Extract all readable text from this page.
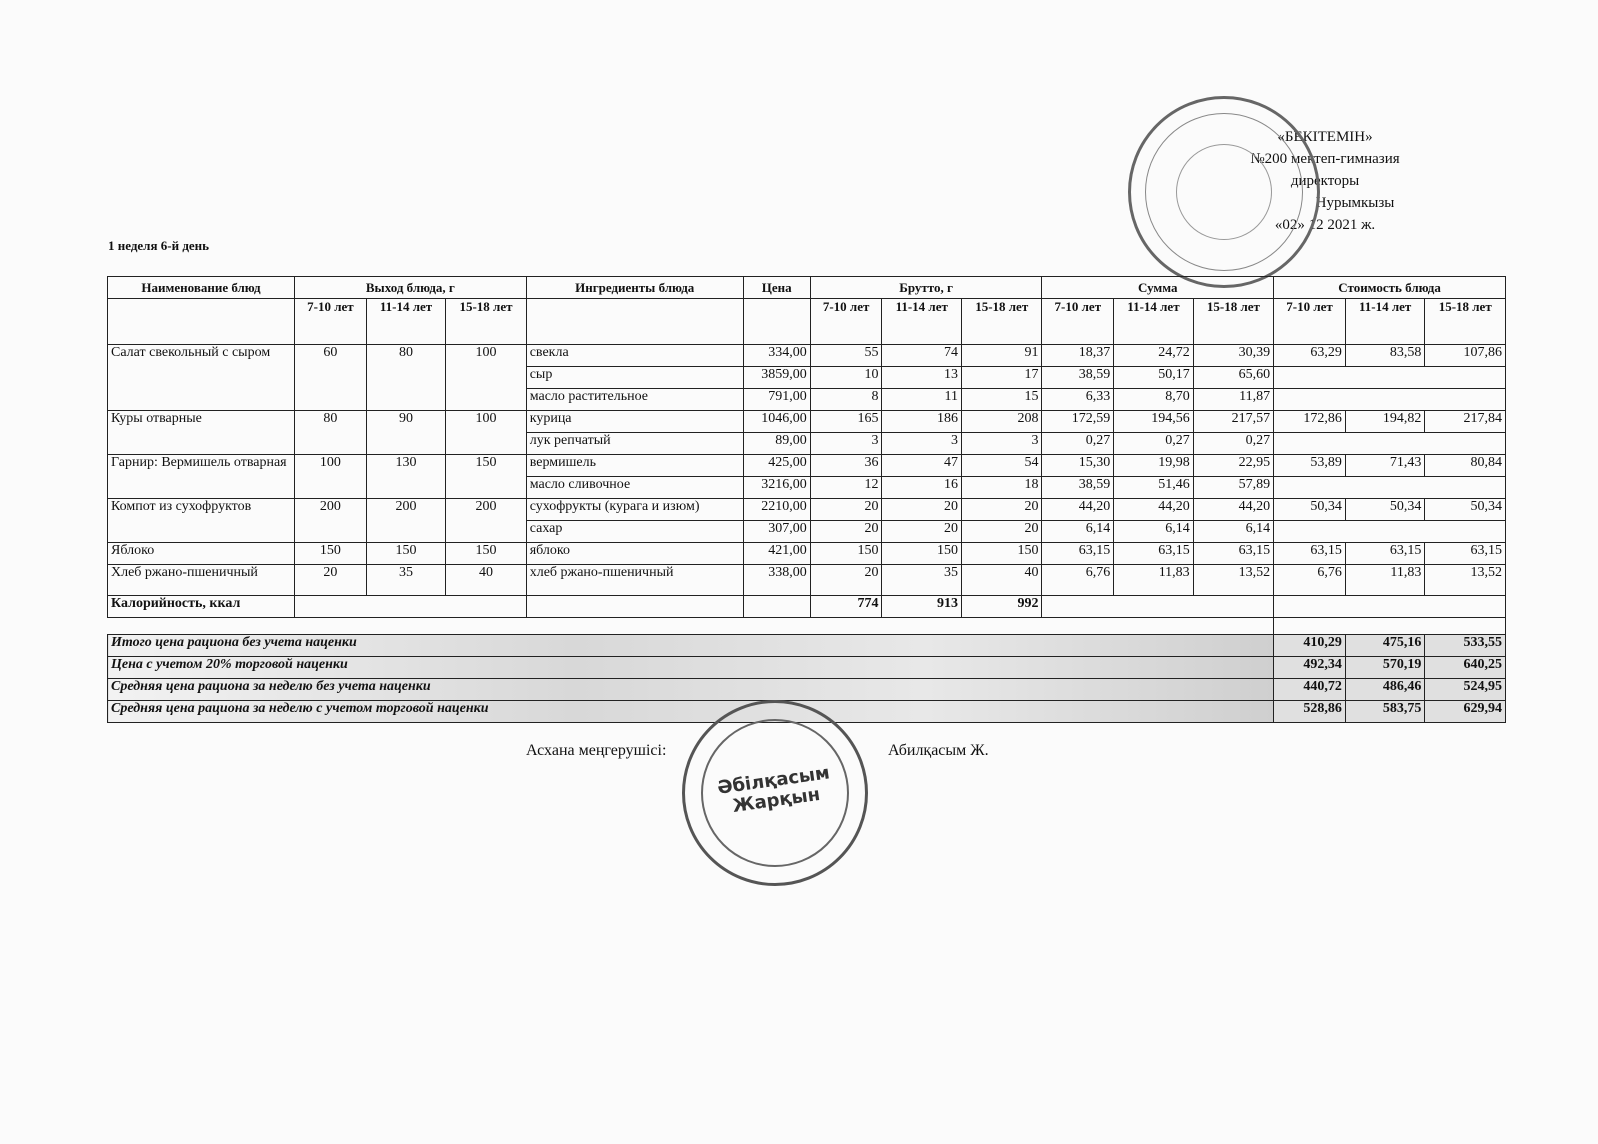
«БЕКІТЕМІН»
№200 мектеп-гимназия
директоры
Нурымкызы
«02» 12 2021 ж.
1 неделя 6-й день
Наименование блюд	Выход блюда, г			Ингредиенты блюда	Цена	Брутто, г			Сумма			Стоимость блюда		
	7-10 лет	11-14 лет	15-18 лет			7-10 лет	11-14 лет	15-18 лет	7-10 лет	11-14 лет	15-18 лет	7-10 лет	11-14 лет	15-18 лет
Салат свекольный с сыром	60	80	100	свекла	334,00	55	74	91	18,37	24,72	30,39	63,29	83,58	107,86
				сыр	3859,00	10	13	17	38,59	50,17	65,60			
				масло растительное	791,00	8	11	15	6,33	8,70	11,87			
Куры отварные	80	90	100	курица	1046,00	165	186	208	172,59	194,56	217,57	172,86	194,82	217,84
				лук репчатый	89,00	3	3	3	0,27	0,27	0,27			
Гарнир: Вермишель отварная	100	130	150	вермишель	425,00	36	47	54	15,30	19,98	22,95	53,89	71,43	80,84
				масло сливочное	3216,00	12	16	18	38,59	51,46	57,89			
Компот из сухофруктов	200	200	200	сухофрукты (курага и изюм)	2210,00	20	20	20	44,20	44,20	44,20	50,34	50,34	50,34
				сахар	307,00	20	20	20	6,14	6,14	6,14			
Яблоко	150	150	150	яблоко	421,00	150	150	150	63,15	63,15	63,15	63,15	63,15	63,15
Хлеб ржано-пшеничный	20	35	40	хлеб ржано-пшеничный	338,00	20	35	40	6,76	11,83	13,52	6,76	11,83	13,52
Калорийность, ккал						774	913	992						

Итого цена рациона без учета наценки												410,29	475,16	533,55
Цена с учетом 20% торговой наценки												492,34	570,19	640,25
Средняя цена рациона за неделю без учета наценки												440,72	486,46	524,95
Средняя цена рациона за неделю с учетом торговой наценки												528,86	583,75	629,94
Әбілқасым Жарқын
Асхана меңгерушісі:	Абилқасым Ж.
